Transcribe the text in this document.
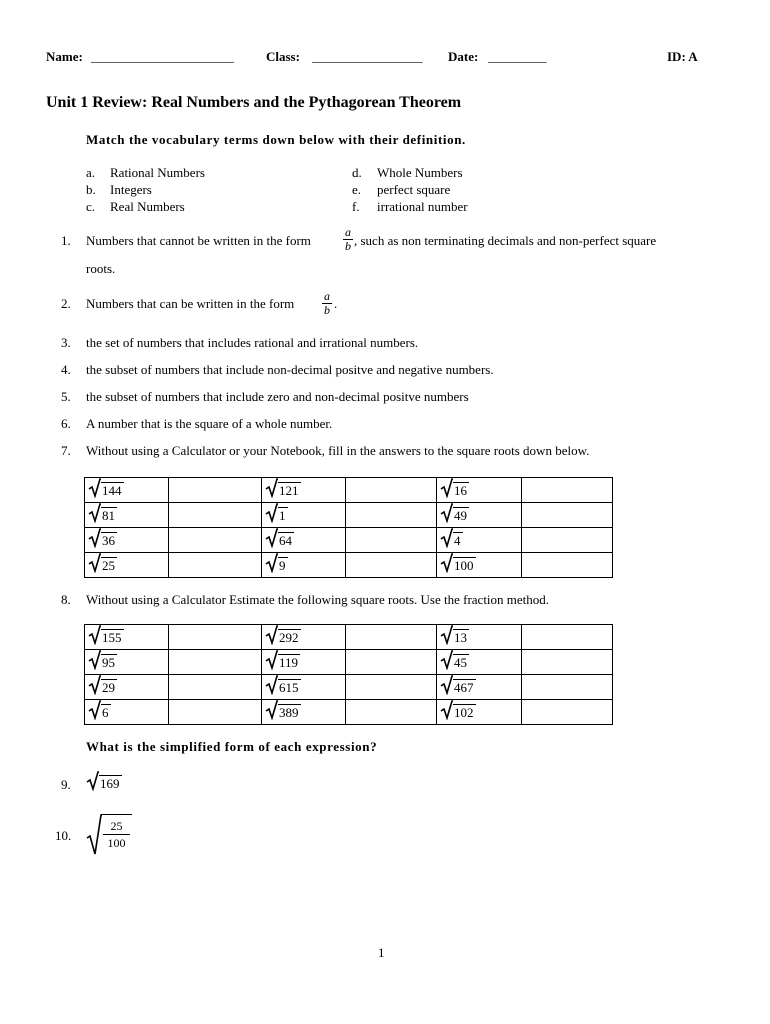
Name: ______________________ Class: _________________ Date: _________	ID: A
Unit 1 Review: Real Numbers and the Pythagorean Theorem
Match the vocabulary terms down below with their definition.
a. Rational Numbers
b. Integers
c. Real Numbers
d. Whole Numbers
e. perfect square
f. irrational number
1. Numbers that cannot be written in the form	$\frac{a}{b}$ , such as non terminating decimals and non-perfect square
roots.
2. Numbers that can be written in the form $\frac{a}{b}$ .
3. the set of numbers that includes rational and irrational numbers.
4. the subset of numbers that include non-decimal positve and negative numbers.
5. the subset of numbers that include zero and non-decimal positve numbers
6. A number that is the square of a whole number.
7. Without using a Calculator or your Notebook, fill in the answers to the square roots down below.
144		121		16	

81		1		49	

36		64		4	

25		9		100	

8. Without using a Calculator Estimate the following square roots. Use the fraction method.
155		292		13	

95		119		45	

29		615		467	

6		389		102	

What is the simplified form of each expression?
9. 169
10.
25
100
1
